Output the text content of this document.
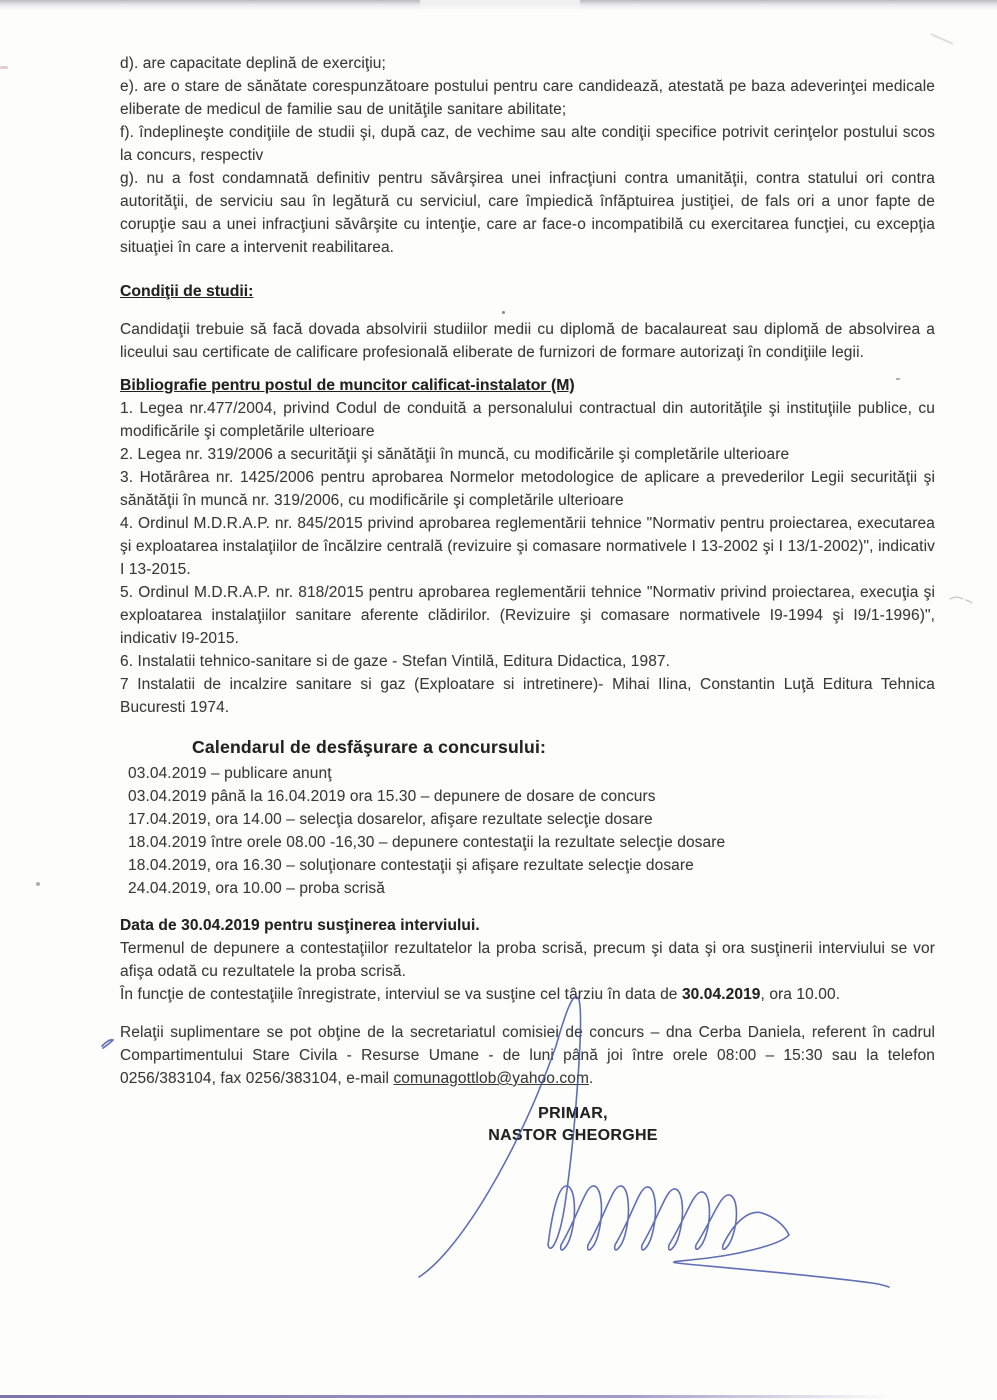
d). are capacitate deplină de exerciţiu;

e). are o stare de sănătate corespunzătoare postului pentru care candidează, atestată pe baza adeverinţei medicale eliberate de medicul de familie sau de unităţile sanitare abilitate;

f). îndeplineşte condiţiile de studii şi, după caz, de vechime sau alte condiţii specifice potrivit cerinţelor postului scos la concurs, respectiv

g). nu a fost condamnată definitiv pentru săvârşirea unei infracţiuni contra umanităţii, contra statului ori contra autorităţii, de serviciu sau în legătură cu serviciul, care împiedică înfăptuirea justiţiei, de fals ori a unor fapte de corupţie sau a unei infracţiuni săvârşite cu intenţie, care ar face-o incompatibilă cu exercitarea funcţiei, cu excepţia situaţiei în care a intervenit reabilitarea.

Condiţii de studii:

Candidaţii trebuie să facă dovada absolvirii studiilor medii cu diplomă de bacalaureat sau diplomă de absolvirea a liceului sau certificate de calificare profesională eliberate de furnizori de formare autorizaţi în condiţiile legii.

Bibliografie pentru postul de muncitor calificat-instalator (M)

1. Legea nr.477/2004, privind Codul de conduită a personalului contractual din autorităţile şi instituţiile publice, cu modificările şi completările ulterioare

2. Legea nr. 319/2006 a securităţii şi sănătăţii în muncă, cu modificările şi completările ulterioare

3. Hotărârea nr. 1425/2006 pentru aprobarea Normelor metodologice de aplicare a prevederilor Legii securităţii şi sănătăţii în muncă nr. 319/2006, cu modificările şi completările ulterioare

4. Ordinul M.D.R.A.P. nr. 845/2015 privind aprobarea reglementării tehnice "Normativ pentru proiectarea, executarea şi exploatarea instalaţiilor de încălzire centrală (revizuire şi comasare normativele I 13-2002 şi I 13/1-2002)", indicativ I 13-2015.

5. Ordinul M.D.R.A.P. nr. 818/2015 pentru aprobarea reglementării tehnice "Normativ privind proiectarea, execuţia şi exploatarea instalaţiilor sanitare aferente clădirilor. (Revizuire şi comasare normativele I9-1994 şi I9/1-1996)", indicativ I9-2015.

6. Instalatii tehnico-sanitare si de gaze - Stefan Vintilă, Editura Didactica, 1987.

7 Instalatii de incalzire sanitare si gaz (Exploatare si intretinere)- Mihai Ilina, Constantin Luţă Editura Tehnica Bucuresti 1974.

Calendarul de desfăşurare a concursului:

03.04.2019 – publicare anunţ

03.04.2019 până la 16.04.2019 ora 15.30 – depunere de dosare de concurs

17.04.2019, ora 14.00 – selecţia dosarelor, afişare rezultate selecţie dosare

18.04.2019 între orele 08.00 -16,30 – depunere contestaţii la rezultate selecţie dosare

18.04.2019, ora 16.30 – soluţionare contestaţii şi afişare rezultate selecţie dosare

24.04.2019, ora 10.00 – proba scrisă

Data de 30.04.2019 pentru susţinerea interviului.

Termenul de depunere a contestaţiilor rezultatelor la proba scrisă, precum şi data şi ora susţinerii interviului se vor afişa odată cu rezultatele la proba scrisă.

În funcţie de contestaţiile înregistrate, interviul se va susţine cel târziu în data de 30.04.2019, ora 10.00.

Relaţii suplimentare se pot obţine de la secretariatul comisiei de concurs – dna Cerba Daniela, referent în cadrul Compartimentului Stare Civila - Resurse Umane - de luni până joi între orele 08:00 – 15:30 sau la telefon 0256/383104, fax 0256/383104, e-mail comunagottlob@yahoo.com.

PRIMAR,

NASTOR GHEORGHE
